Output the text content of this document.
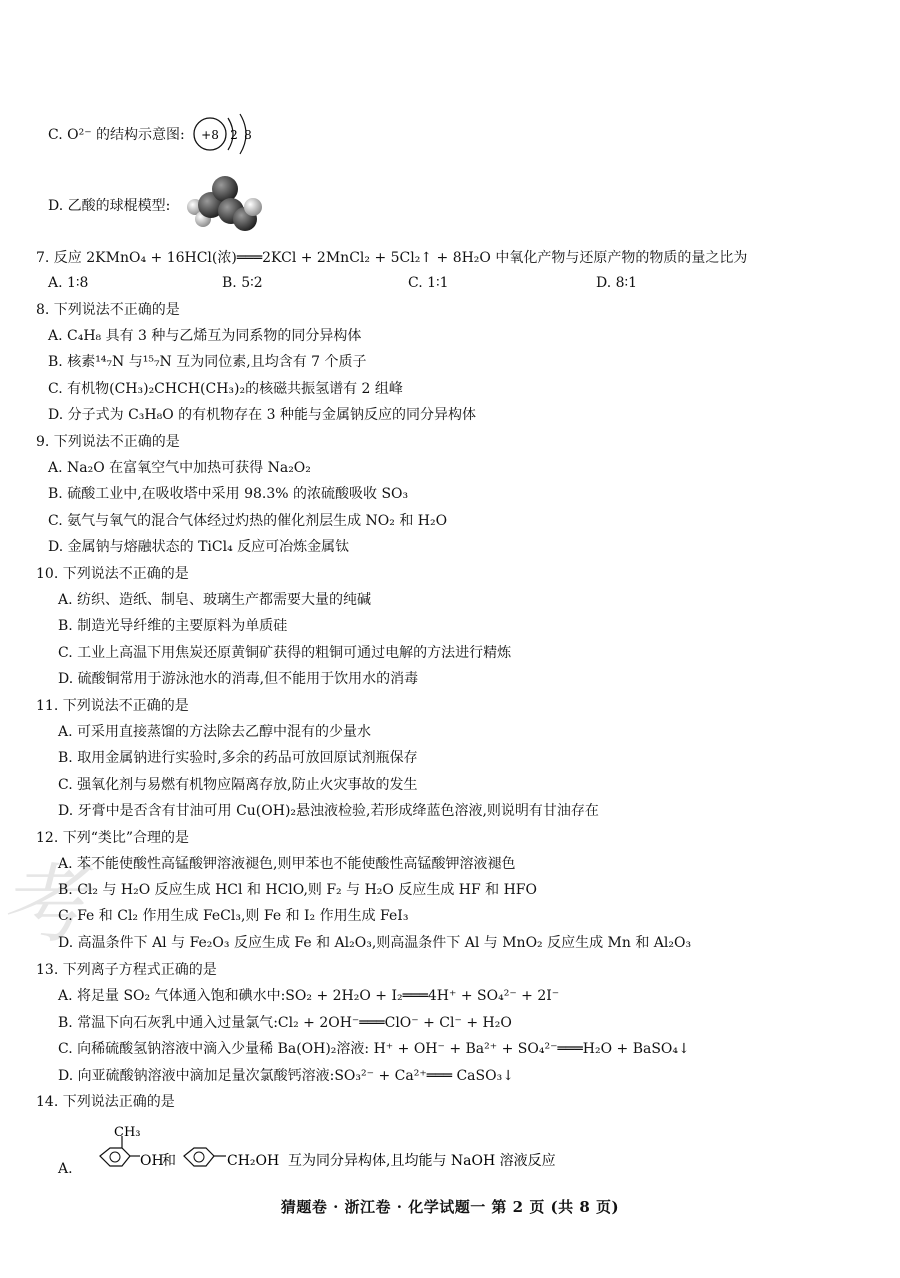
考
C. O²⁻ 的结构示意图: +8 2 8
D. 乙酸的球棍模型:
7. 反应 2KMnO₄ + 16HCl(浓)═══2KCl + 2MnCl₂ + 5Cl₂↑ + 8H₂O 中氧化产物与还原产物的物质的量之比为
A. 1∶8	B. 5∶2	C. 1∶1	D. 8∶1
8. 下列说法不正确的是
A. C₄H₈ 具有 3 种与乙烯互为同系物的同分异构体
B. 核素¹⁴₇N 与¹⁵₇N 互为同位素,且均含有 7 个质子
C. 有机物(CH₃)₂CHCH(CH₃)₂的核磁共振氢谱有 2 组峰
D. 分子式为 C₃H₈O 的有机物存在 3 种能与金属钠反应的同分异构体
9. 下列说法不正确的是
A. Na₂O 在富氧空气中加热可获得 Na₂O₂
B. 硫酸工业中,在吸收塔中采用 98.3% 的浓硫酸吸收 SO₃
C. 氨气与氧气的混合气体经过灼热的催化剂层生成 NO₂ 和 H₂O
D. 金属钠与熔融状态的 TiCl₄ 反应可冶炼金属钛
10. 下列说法不正确的是
A. 纺织、造纸、制皂、玻璃生产都需要大量的纯碱
B. 制造光导纤维的主要原料为单质硅
C. 工业上高温下用焦炭还原黄铜矿获得的粗铜可通过电解的方法进行精炼
D. 硫酸铜常用于游泳池水的消毒,但不能用于饮用水的消毒
11. 下列说法不正确的是
A. 可采用直接蒸馏的方法除去乙醇中混有的少量水
B. 取用金属钠进行实验时,多余的药品可放回原试剂瓶保存
C. 强氧化剂与易燃有机物应隔离存放,防止火灾事故的发生
D. 牙膏中是否含有甘油可用 Cu(OH)₂悬浊液检验,若形成绛蓝色溶液,则说明有甘油存在
12. 下列“类比”合理的是
A. 苯不能使酸性高锰酸钾溶液褪色,则甲苯也不能使酸性高锰酸钾溶液褪色
B. Cl₂ 与 H₂O 反应生成 HCl 和 HClO,则 F₂ 与 H₂O 反应生成 HF 和 HFO
C. Fe 和 Cl₂ 作用生成 FeCl₃,则 Fe 和 I₂ 作用生成 FeI₃
D. 高温条件下 Al 与 Fe₂O₃ 反应生成 Fe 和 Al₂O₃,则高温条件下 Al 与 MnO₂ 反应生成 Mn 和 Al₂O₃
13. 下列离子方程式正确的是
A. 将足量 SO₂ 气体通入饱和碘水中:SO₂ + 2H₂O + I₂═══4H⁺ + SO₄²⁻ + 2I⁻
B. 常温下向石灰乳中通入过量氯气:Cl₂ + 2OH⁻═══ClO⁻ + Cl⁻ + H₂O
C. 向稀硫酸氢钠溶液中滴入少量稀 Ba(OH)₂溶液: H⁺ + OH⁻ + Ba²⁺ + SO₄²⁻═══H₂O + BaSO₄↓
D. 向亚硫酸钠溶液中滴加足量次氯酸钙溶液:SO₃²⁻ + Ca²⁺═══ CaSO₃↓
14. 下列说法正确的是
A.
CH₃
OH
和	CH₂OH 互为同分异构体,且均能与 NaOH 溶液反应
猜题卷 · 浙江卷 · 化学试题一 第 2 页 (共 8 页)
